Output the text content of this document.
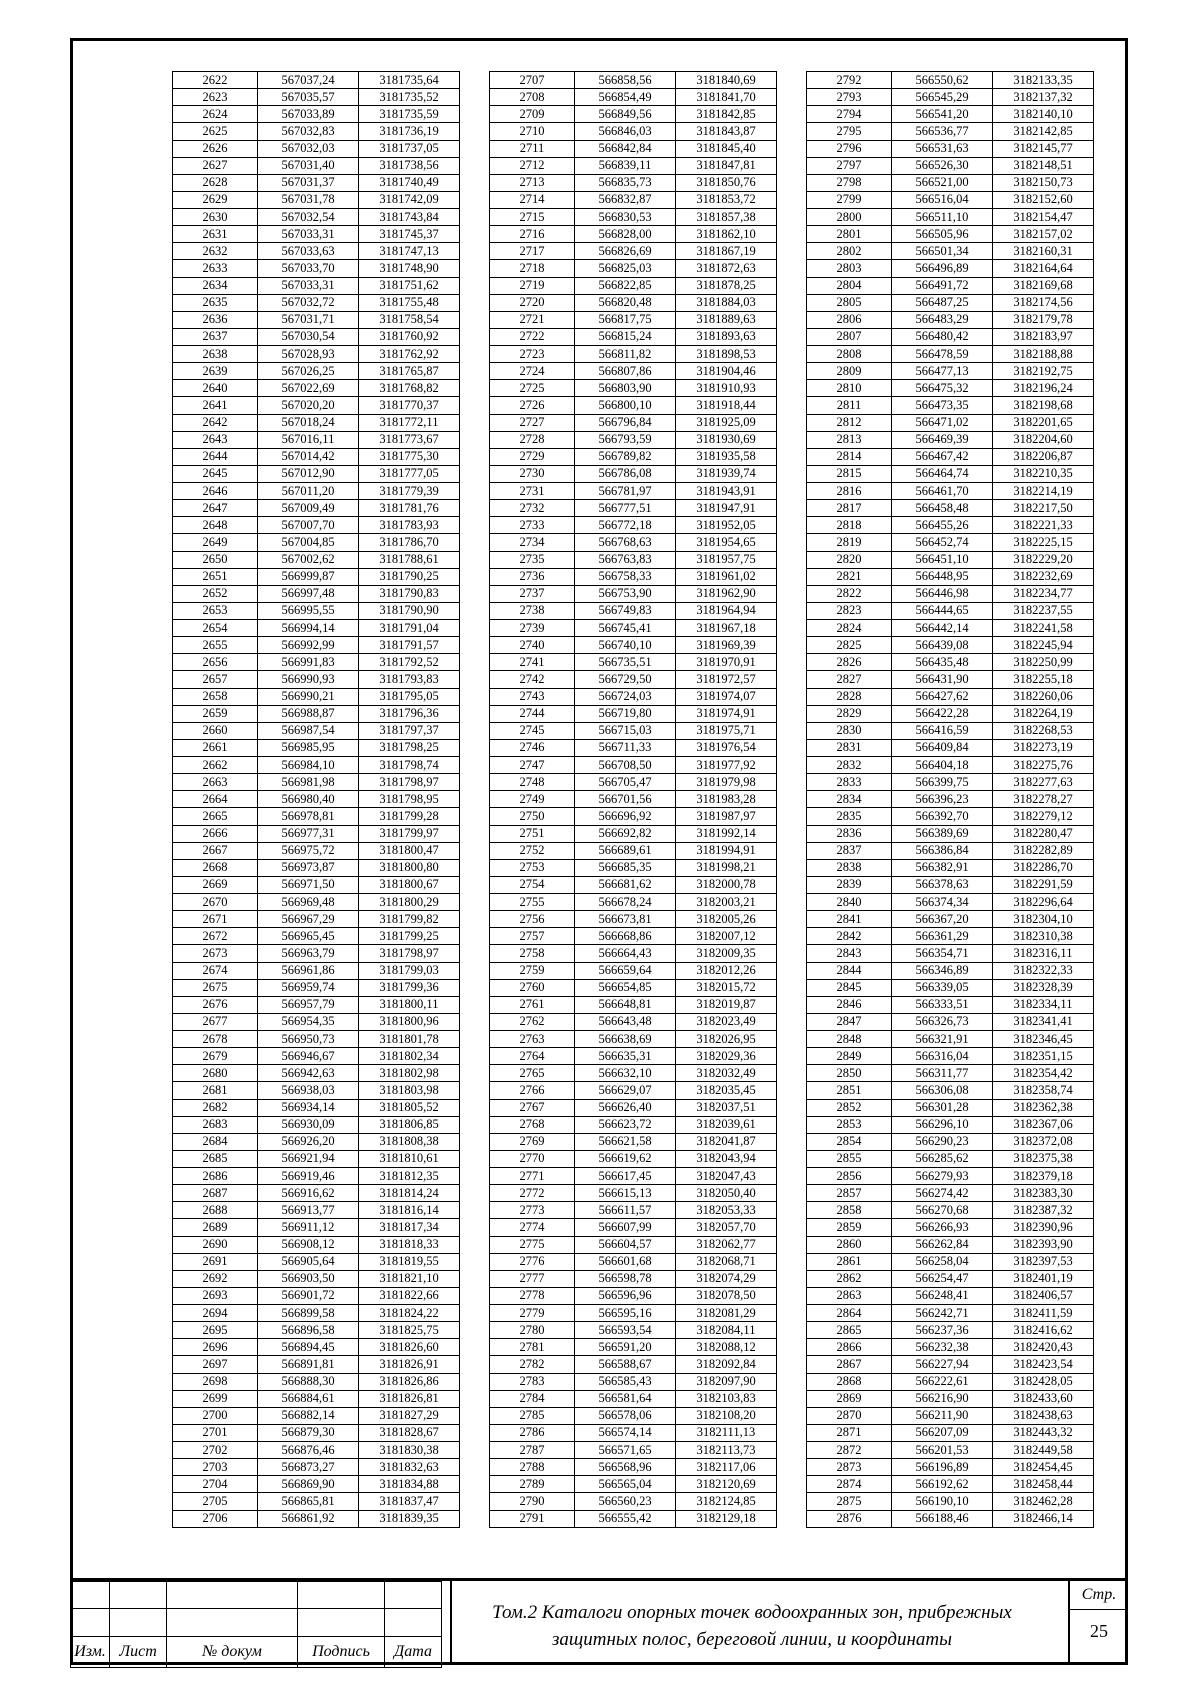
2622	567037,24	3181735,64
2623	567035,57	3181735,52
2624	567033,89	3181735,59
2625	567032,83	3181736,19
2626	567032,03	3181737,05
2627	567031,40	3181738,56
2628	567031,37	3181740,49
2629	567031,78	3181742,09
2630	567032,54	3181743,84
2631	567033,31	3181745,37
2632	567033,63	3181747,13
2633	567033,70	3181748,90
2634	567033,31	3181751,62
2635	567032,72	3181755,48
2636	567031,71	3181758,54
2637	567030,54	3181760,92
2638	567028,93	3181762,92
2639	567026,25	3181765,87
2640	567022,69	3181768,82
2641	567020,20	3181770,37
2642	567018,24	3181772,11
2643	567016,11	3181773,67
2644	567014,42	3181775,30
2645	567012,90	3181777,05
2646	567011,20	3181779,39
2647	567009,49	3181781,76
2648	567007,70	3181783,93
2649	567004,85	3181786,70
2650	567002,62	3181788,61
2651	566999,87	3181790,25
2652	566997,48	3181790,83
2653	566995,55	3181790,90
2654	566994,14	3181791,04
2655	566992,99	3181791,57
2656	566991,83	3181792,52
2657	566990,93	3181793,83
2658	566990,21	3181795,05
2659	566988,87	3181796,36
2660	566987,54	3181797,37
2661	566985,95	3181798,25
2662	566984,10	3181798,74
2663	566981,98	3181798,97
2664	566980,40	3181798,95
2665	566978,81	3181799,28
2666	566977,31	3181799,97
2667	566975,72	3181800,47
2668	566973,87	3181800,80
2669	566971,50	3181800,67
2670	566969,48	3181800,29
2671	566967,29	3181799,82
2672	566965,45	3181799,25
2673	566963,79	3181798,97
2674	566961,86	3181799,03
2675	566959,74	3181799,36
2676	566957,79	3181800,11
2677	566954,35	3181800,96
2678	566950,73	3181801,78
2679	566946,67	3181802,34
2680	566942,63	3181802,98
2681	566938,03	3181803,98
2682	566934,14	3181805,52
2683	566930,09	3181806,85
2684	566926,20	3181808,38
2685	566921,94	3181810,61
2686	566919,46	3181812,35
2687	566916,62	3181814,24
2688	566913,77	3181816,14
2689	566911,12	3181817,34
2690	566908,12	3181818,33
2691	566905,64	3181819,55
2692	566903,50	3181821,10
2693	566901,72	3181822,66
2694	566899,58	3181824,22
2695	566896,58	3181825,75
2696	566894,45	3181826,60
2697	566891,81	3181826,91
2698	566888,30	3181826,86
2699	566884,61	3181826,81
2700	566882,14	3181827,29
2701	566879,30	3181828,67
2702	566876,46	3181830,38
2703	566873,27	3181832,63
2704	566869,90	3181834,88
2705	566865,81	3181837,47
2706	566861,92	3181839,35
2707	566858,56	3181840,69
2708	566854,49	3181841,70
2709	566849,56	3181842,85
2710	566846,03	3181843,87
2711	566842,84	3181845,40
2712	566839,11	3181847,81
2713	566835,73	3181850,76
2714	566832,87	3181853,72
2715	566830,53	3181857,38
2716	566828,00	3181862,10
2717	566826,69	3181867,19
2718	566825,03	3181872,63
2719	566822,85	3181878,25
2720	566820,48	3181884,03
2721	566817,75	3181889,63
2722	566815,24	3181893,63
2723	566811,82	3181898,53
2724	566807,86	3181904,46
2725	566803,90	3181910,93
2726	566800,10	3181918,44
2727	566796,84	3181925,09
2728	566793,59	3181930,69
2729	566789,82	3181935,58
2730	566786,08	3181939,74
2731	566781,97	3181943,91
2732	566777,51	3181947,91
2733	566772,18	3181952,05
2734	566768,63	3181954,65
2735	566763,83	3181957,75
2736	566758,33	3181961,02
2737	566753,90	3181962,90
2738	566749,83	3181964,94
2739	566745,41	3181967,18
2740	566740,10	3181969,39
2741	566735,51	3181970,91
2742	566729,50	3181972,57
2743	566724,03	3181974,07
2744	566719,80	3181974,91
2745	566715,03	3181975,71
2746	566711,33	3181976,54
2747	566708,50	3181977,92
2748	566705,47	3181979,98
2749	566701,56	3181983,28
2750	566696,92	3181987,97
2751	566692,82	3181992,14
2752	566689,61	3181994,91
2753	566685,35	3181998,21
2754	566681,62	3182000,78
2755	566678,24	3182003,21
2756	566673,81	3182005,26
2757	566668,86	3182007,12
2758	566664,43	3182009,35
2759	566659,64	3182012,26
2760	566654,85	3182015,72
2761	566648,81	3182019,87
2762	566643,48	3182023,49
2763	566638,69	3182026,95
2764	566635,31	3182029,36
2765	566632,10	3182032,49
2766	566629,07	3182035,45
2767	566626,40	3182037,51
2768	566623,72	3182039,61
2769	566621,58	3182041,87
2770	566619,62	3182043,94
2771	566617,45	3182047,43
2772	566615,13	3182050,40
2773	566611,57	3182053,33
2774	566607,99	3182057,70
2775	566604,57	3182062,77
2776	566601,68	3182068,71
2777	566598,78	3182074,29
2778	566596,96	3182078,50
2779	566595,16	3182081,29
2780	566593,54	3182084,11
2781	566591,20	3182088,12
2782	566588,67	3182092,84
2783	566585,43	3182097,90
2784	566581,64	3182103,83
2785	566578,06	3182108,20
2786	566574,14	3182111,13
2787	566571,65	3182113,73
2788	566568,96	3182117,06
2789	566565,04	3182120,69
2790	566560,23	3182124,85
2791	566555,42	3182129,18
2792	566550,62	3182133,35
2793	566545,29	3182137,32
2794	566541,20	3182140,10
2795	566536,77	3182142,85
2796	566531,63	3182145,77
2797	566526,30	3182148,51
2798	566521,00	3182150,73
2799	566516,04	3182152,60
2800	566511,10	3182154,47
2801	566505,96	3182157,02
2802	566501,34	3182160,31
2803	566496,89	3182164,64
2804	566491,72	3182169,68
2805	566487,25	3182174,56
2806	566483,29	3182179,78
2807	566480,42	3182183,97
2808	566478,59	3182188,88
2809	566477,13	3182192,75
2810	566475,32	3182196,24
2811	566473,35	3182198,68
2812	566471,02	3182201,65
2813	566469,39	3182204,60
2814	566467,42	3182206,87
2815	566464,74	3182210,35
2816	566461,70	3182214,19
2817	566458,48	3182217,50
2818	566455,26	3182221,33
2819	566452,74	3182225,15
2820	566451,10	3182229,20
2821	566448,95	3182232,69
2822	566446,98	3182234,77
2823	566444,65	3182237,55
2824	566442,14	3182241,58
2825	566439,08	3182245,94
2826	566435,48	3182250,99
2827	566431,90	3182255,18
2828	566427,62	3182260,06
2829	566422,28	3182264,19
2830	566416,59	3182268,53
2831	566409,84	3182273,19
2832	566404,18	3182275,76
2833	566399,75	3182277,63
2834	566396,23	3182278,27
2835	566392,70	3182279,12
2836	566389,69	3182280,47
2837	566386,84	3182282,89
2838	566382,91	3182286,70
2839	566378,63	3182291,59
2840	566374,34	3182296,64
2841	566367,20	3182304,10
2842	566361,29	3182310,38
2843	566354,71	3182316,11
2844	566346,89	3182322,33
2845	566339,05	3182328,39
2846	566333,51	3182334,11
2847	566326,73	3182341,41
2848	566321,91	3182346,45
2849	566316,04	3182351,15
2850	566311,77	3182354,42
2851	566306,08	3182358,74
2852	566301,28	3182362,38
2853	566296,10	3182367,06
2854	566290,23	3182372,08
2855	566285,62	3182375,38
2856	566279,93	3182379,18
2857	566274,42	3182383,30
2858	566270,68	3182387,32
2859	566266,93	3182390,96
2860	566262,84	3182393,90
2861	566258,04	3182397,53
2862	566254,47	3182401,19
2863	566248,41	3182406,57
2864	566242,71	3182411,59
2865	566237,36	3182416,62
2866	566232,38	3182420,43
2867	566227,94	3182423,54
2868	566222,61	3182428,05
2869	566216,90	3182433,60
2870	566211,90	3182438,63
2871	566207,09	3182443,32
2872	566201,53	3182449,58
2873	566196,89	3182454,45
2874	566192,62	3182458,44
2875	566190,10	3182462,28
2876	566188,46	3182466,14

Изм.	Лист	№ докум	Подпись	Дата
Том.2 Каталоги опорных точек водоохранных зон, прибрежных защитных полос, береговой линии, и координаты
Стр.
25
